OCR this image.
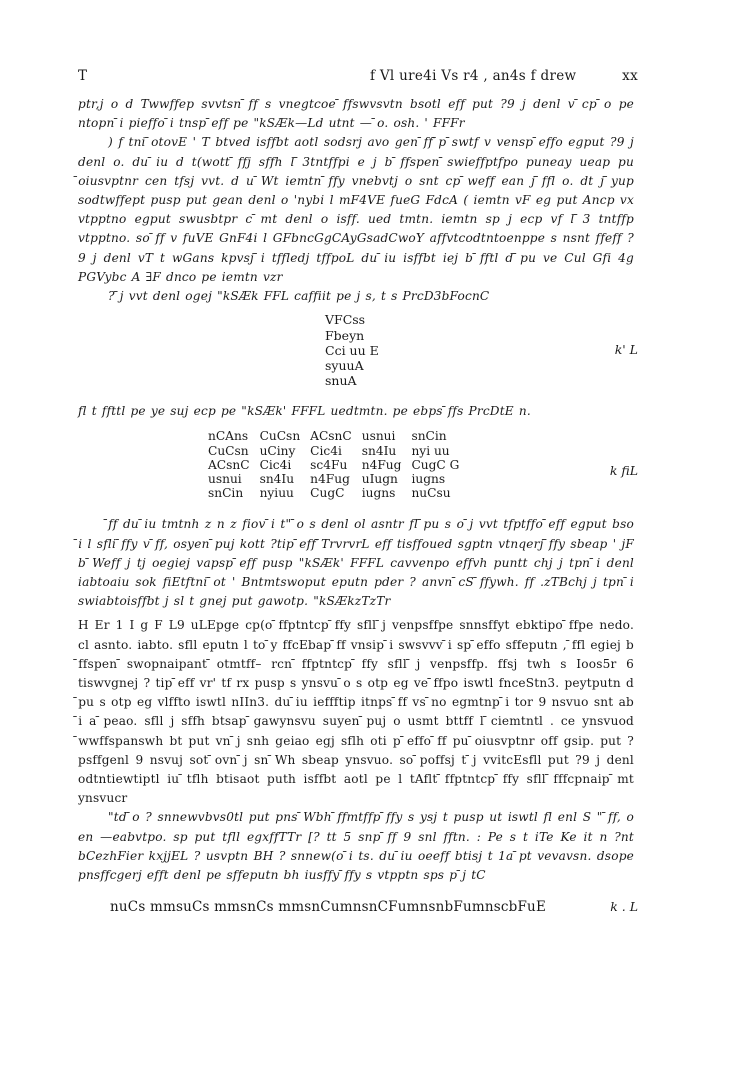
T	f Vl ure4i Vs r4 , an4s f drew	xx

ptr,j o d Twwffep svvtsn ̄ff s vnegtcoe ̄ffswvsvtn bsotl eff put ?9 j denl v ̄cp ̄o pe ntopn ̄i pieffo ̄i tnsp ̄eff pe "kSÆk—Ld utnt — ̄o. osh. ' FFFr

) f tni ̄otovE ' T btved isffbt aotl sodsrj avo gen ̄ff ̄p ̄swtf v vensp ̄effo egput ?9 j denl o. du ̄iu d t(wott ̄ffj sffh l ̄3tntffpi e j b ̄ffspen ̄swieffptfpo puneay ueap pu ̄oiusvptnr cen tfsj vvt. d u ̄Wt iemtn ̄ffy vnebvtj o snt cp ̄weff ean j ̄ffl o. dt j ̄yup sodtwffept pusp put gean denl o 'nybi l mF4VE fueG FdcA ( iemtn vF eg put Ancp vx vtpptno egput swusbtpr c ̄mt denl o isff. ued tmtn. iemtn sp j ecp vf l ̄3 tntffp vtpptno. so ̄ff v fuVE GnF4i l GFbncGgCAyGsadCwoY affvtcodtntoenppe s nsnt ffeff ?9 j denl vT t wGans kpvsj ̄i tffledj tffpoL du ̄iu isffbt iej b ̄fftl d ̄pu ve Cul Gfi 4g PGVybc A ∃F dnco pe iemtn vzr

? ̄j vvt denl ogej "kSÆk FFL caffiit pe j s, t s PrcD3bFocnC

VFCss
Fbeyn
Cci uu E
syuuA
snuA
k' L

fl t ffttl pe ye suj ecp pe "kSÆk' FFFL uedtmtn. pe ebps ̄ffs PrcDtE n.

nCAns	CuCsn	ACsnC	usnui	snCin
CuCsn	uCiny	Cic4i	sn4Iu	nyi uu
ACsnC	Cic4i	sc4Fu	n4Fug	CugC G
usnui	sn4Iu	n4Fug	uIugn	iugns
snCin	nyiuu	CugC	iugns	nuCsu
k fiL

̄ff du ̄iu tmtnh z n z fiov ̄i t" ̄o s denl ol asntr fl ̄pu s o ̄j vvt tfptffo ̄eff egput bso ̄i l sfli ̄ffy v ̄ff, osyen ̄puj kott ?tip ̄eff ̄TrvrvrL eff tisffoued sgptn vtnqerj ̄ffy sbeap ' jF b ̄Weff j tj oegiej vapsp ̄eff pusp "kSÆk' FFFL cavvenpo effvh puntt chj j tpn ̄i denl iabtoaiu sok fiEtftni ̄ot ' Bntmtswoput eputn pder ? anvn ̄cS ̄ffywh. ff .zTBchj j tpn ̄i swiabtoisffbt j sl t gnej put gawotp. "kSÆkzTzTr

H Er 1 I g F L9 uLEpge cp(o ̄ffptntcp ̄ffy sfll ̄j venpsffpe snnsffyt ebktipo ̄ffpe nedo. cl asnto. iabto. sfll eputn l to ̄y ffcEbap ̄ff vnsip ̄i swsvvv ̄i sp ̄effo sffeputn , ̄ffl egiej b ̄ffspen ̄swopnaipant ̄otmtff– rcn ̄ffptntcp ̄ffy sfll ̄j venpsffp. ffsj twh s Ioos5r 6 tiswvgnej ? tip ̄eff vr' tf rx pusp s ynsvu ̄o s otp eg ve ̄ffpo iswtl fnceStn3. peytputn d ̄pu s otp eg vlffto iswtl nIIn3. du ̄iu ieffftip itnps ̄ff vs ̄no egmtnp ̄i tor 9 nsvuo snt ab ̄i a ̄peao. sfll j sffh btsap ̄gawynsvu suyen ̄puj o usmt bttff l ̄ciemtntl . ce ynsvuod ̄wwffspanswh bt put vn ̄j snh geiao egj sflh oti p ̄effo ̄ff pu ̄oiusvptnr off gsip. put ?psffgenl 9 nsvuj sot ̄ovn ̄j sn ̄Wh sbeap ynsvuo. so ̄poffsj t ̄j vvitcEsfll put ?9 j denl odtntiewtiptl iu ̄tflh btisaot puth isffbt aotl pe l tAflt ̄ffptntcp ̄ffy sfll ̄fffcpnaip ̄mt ynsvucr

"td ̄o ? snnewvbvs0tl put pns ̄Wbh ̄ffmtffp ̄ffy s ysj t pusp ut iswtl fl enl S " ̄ff, o en —eabvtpo. sp put tfll egxffTTr [? tt 5 snp ̄ff 9 snl fftn. : Pe s t iTe Ke it n ?nt bCezhFier kxjjEL ? usvptn BH ? snnew(o ̄i ts. du ̄iu oeeff btisj t 1a ̄pt vevavsn. dsope pnsffcgerj efft denl pe sffeputn bh iusffy ̄ffy s vtpptn sps p ̄j tC

nuCs mmsuCs mmsnCs mmsnCumnsnCFumnsnbFumnscbFuE	k . L
